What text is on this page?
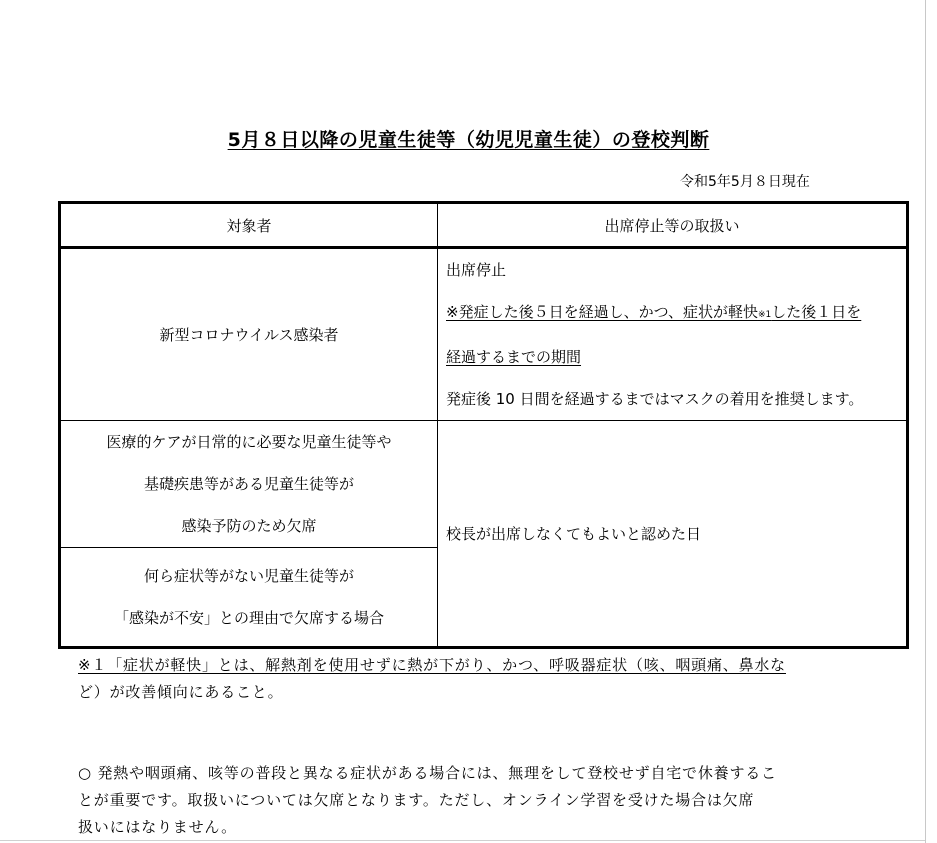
5月８日以降の児童生徒等（幼児児童生徒）の登校判断
令和5年5月８日現在
対象者	出席停止等の取扱い
新型コロナウイルス感染者	出席停止
※発症した後５日を経過し、かつ、症状が軽快※1した後１日を
経過するまでの期間
発症後 10 日間を経過するまではマスクの着用を推奨します。

医療的ケアが日常的に必要な児童生徒等や
基礎疾患等がある児童生徒等が
感染予防のため欠席	校長が出席しなくてもよいと認めた日

何ら症状等がない児童生徒等が
「感染が不安」との理由で欠席する場合	
※１「症状が軽快」とは、解熱剤を使用せずに熱が下がり、かつ、呼吸器症状（咳、咽頭痛、鼻水な
ど）が改善傾向にあること。
○ 発熱や咽頭痛、咳等の普段と異なる症状がある場合には、無理をして登校せず自宅で休養するこ
とが重要です。取扱いについては欠席となります。ただし、オンライン学習を受けた場合は欠席
扱いにはなりません。
